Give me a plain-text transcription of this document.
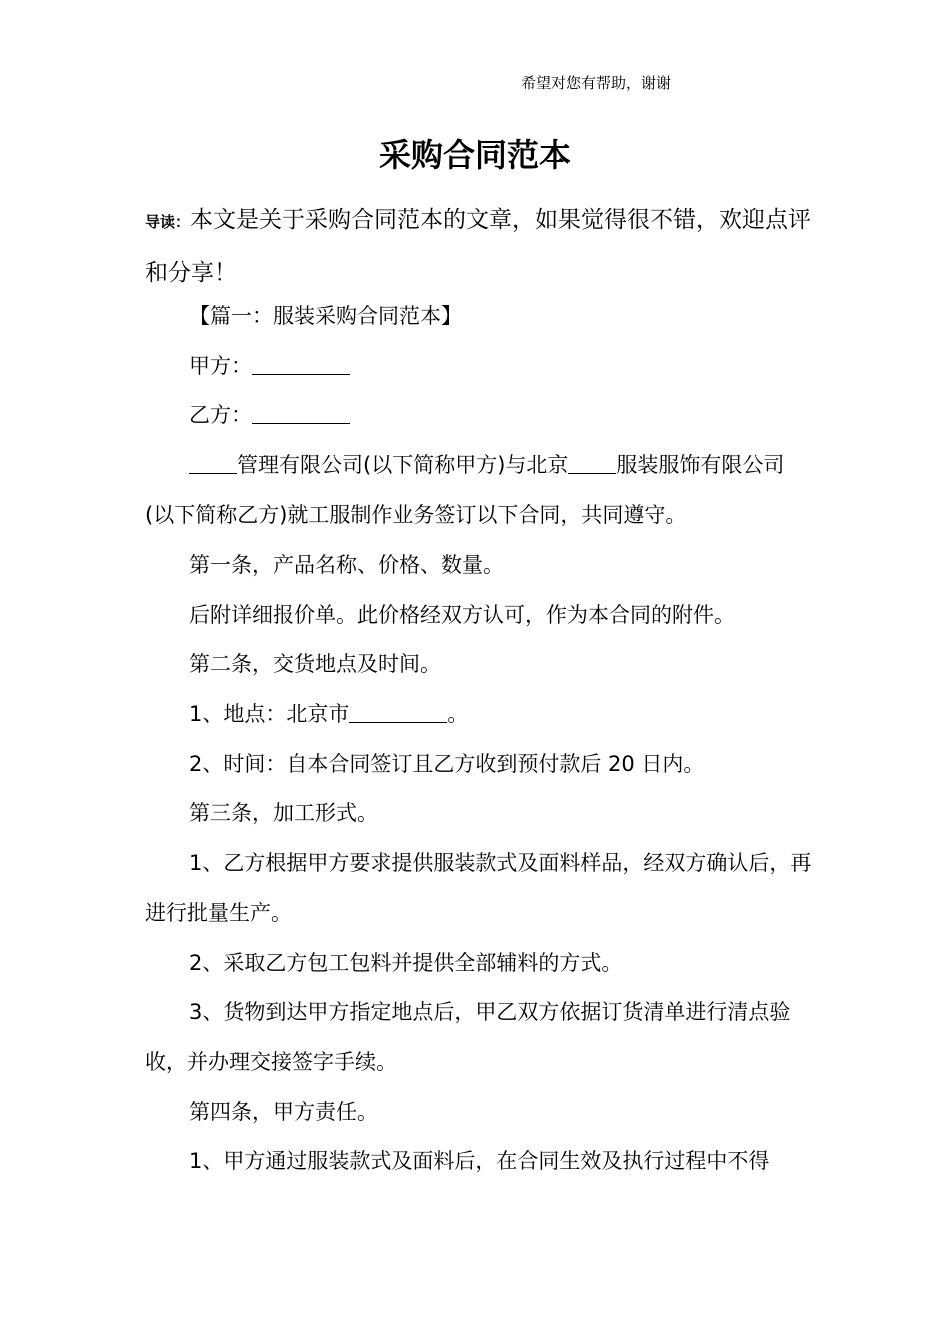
希望对您有帮助，谢谢
采购合同范本
导读：本文是关于采购合同范本的文章，如果觉得很不错，欢迎点评和分享！

【篇一：服装采购合同范本】

甲方：

乙方：

管理有限公司(以下简称甲方)与北京 服装服饰有限公司(以下简称乙方)就工服制作业务签订以下合同，共同遵守。

第一条，产品名称、价格、数量。

后附详细报价单。此价格经双方认可，作为本合同的附件。

第二条，交货地点及时间。

1、地点：北京市	。

2、时间：自本合同签订且乙方收到预付款后 20 日内。

第三条，加工形式。

1、乙方根据甲方要求提供服装款式及面料样品，经双方确认后，再进行批量生产。

2、采取乙方包工包料并提供全部辅料的方式。

3、货物到达甲方指定地点后，甲乙双方依据订货清单进行清点验收，并办理交接签字手续。

第四条，甲方责任。

1、甲方通过服装款式及面料后，在合同生效及执行过程中不得
